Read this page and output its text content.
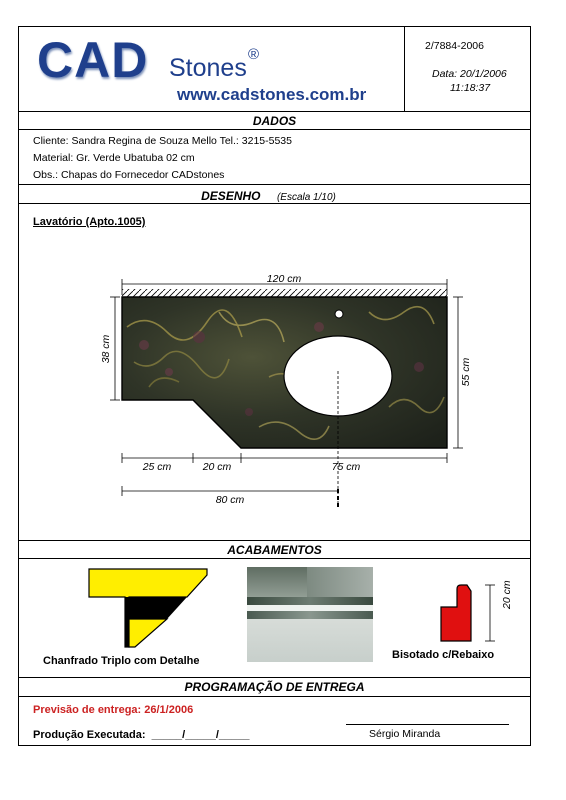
CAD Stones ®
www.cadstones.com.br
2/7884-2006
Data: 20/1/2006
11:18:37
DADOS
Cliente: Sandra Regina de Souza Mello Tel.: 3215-5535
Material: Gr. Verde Ubatuba 02 cm
Obs.: Chapas do Fornecedor CADstones
DESENHO (Escala 1/10)
Lavatório (Apto.1005)
120 cm
38 cm
55 cm
25 cm	20 cm	75 cm
80 cm
ACABAMENTOS
Chanfrado Triplo com Detalhe
20 cm
Bisotado c/Rebaixo
PROGRAMAÇÃO DE ENTREGA
Previsão de entrega: 26/1/2006
Produção Executada:  _____/_____/_____	Sérgio Miranda
